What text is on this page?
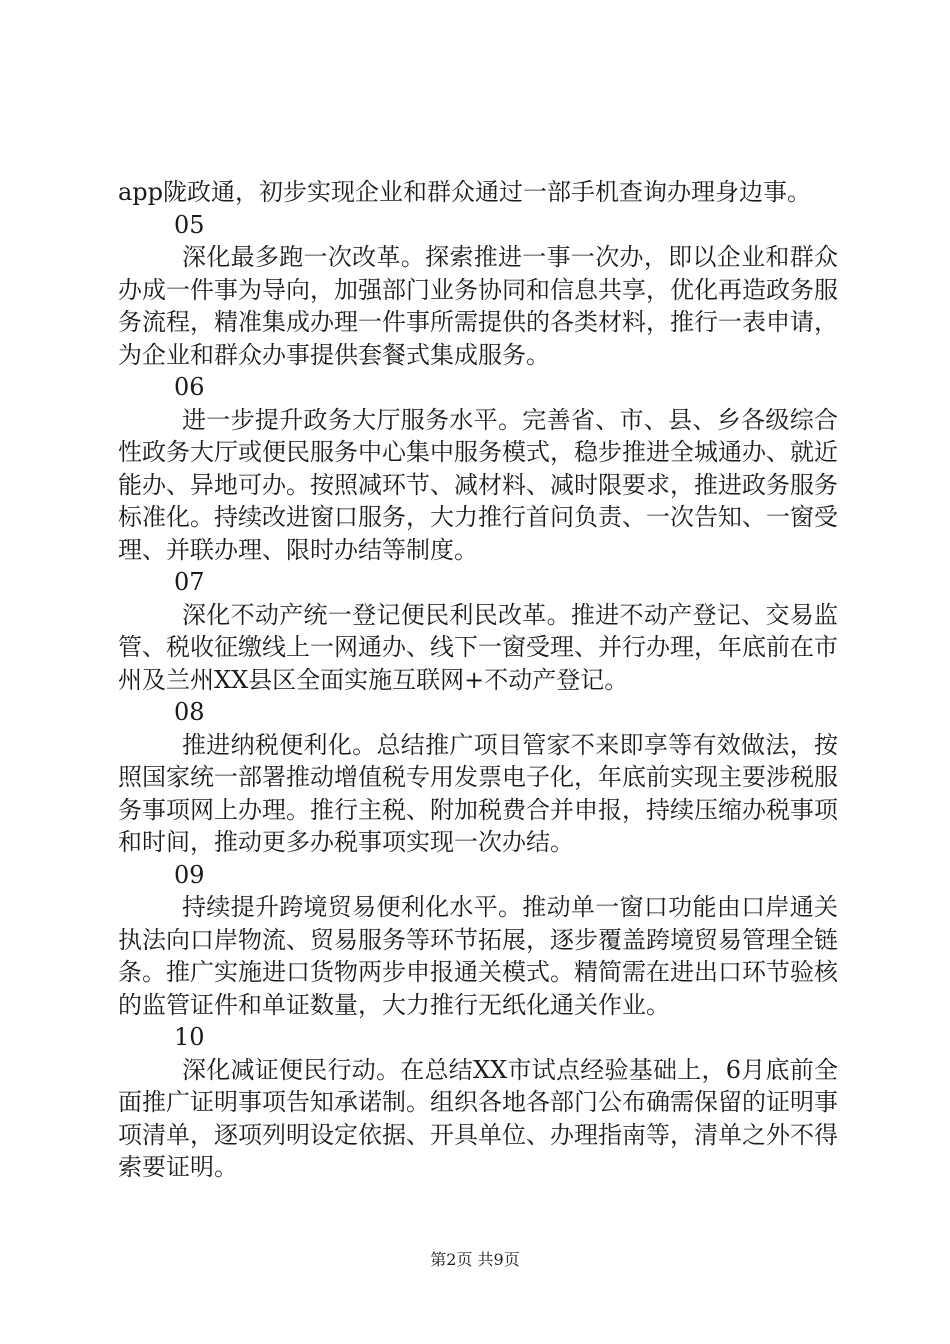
app陇政通，初步实现企业和群众通过一部手机查询办理身边事。

05

深化最多跑一次改革。探索推进一事一次办，即以企业和群众办成一件事为导向，加强部门业务协同和信息共享，优化再造政务服务流程，精准集成办理一件事所需提供的各类材料，推行一表申请，为企业和群众办事提供套餐式集成服务。

06

进一步提升政务大厅服务水平。完善省、市、县、乡各级综合性政务大厅或便民服务中心集中服务模式，稳步推进全城通办、就近能办、异地可办。按照减环节、减材料、减时限要求，推进政务服务标准化。持续改进窗口服务，大力推行首问负责、一次告知、一窗受理、并联办理、限时办结等制度。

07

深化不动产统一登记便民利民改革。推进不动产登记、交易监管、税收征缴线上一网通办、线下一窗受理、并行办理，年底前在市州及兰州XX县区全面实施互联网+不动产登记。

08

推进纳税便利化。总结推广项目管家不来即享等有效做法，按照国家统一部署推动增值税专用发票电子化，年底前实现主要涉税服务事项网上办理。推行主税、附加税费合并申报，持续压缩办税事项和时间，推动更多办税事项实现一次办结。

09

持续提升跨境贸易便利化水平。推动单一窗口功能由口岸通关执法向口岸物流、贸易服务等环节拓展，逐步覆盖跨境贸易管理全链条。推广实施进口货物两步申报通关模式。精简需在进出口环节验核的监管证件和单证数量，大力推行无纸化通关作业。

10

深化减证便民行动。在总结XX市试点经验基础上，6月底前全面推广证明事项告知承诺制。组织各地各部门公布确需保留的证明事项清单，逐项列明设定依据、开具单位、办理指南等，清单之外不得索要证明。

第2页 共9页
